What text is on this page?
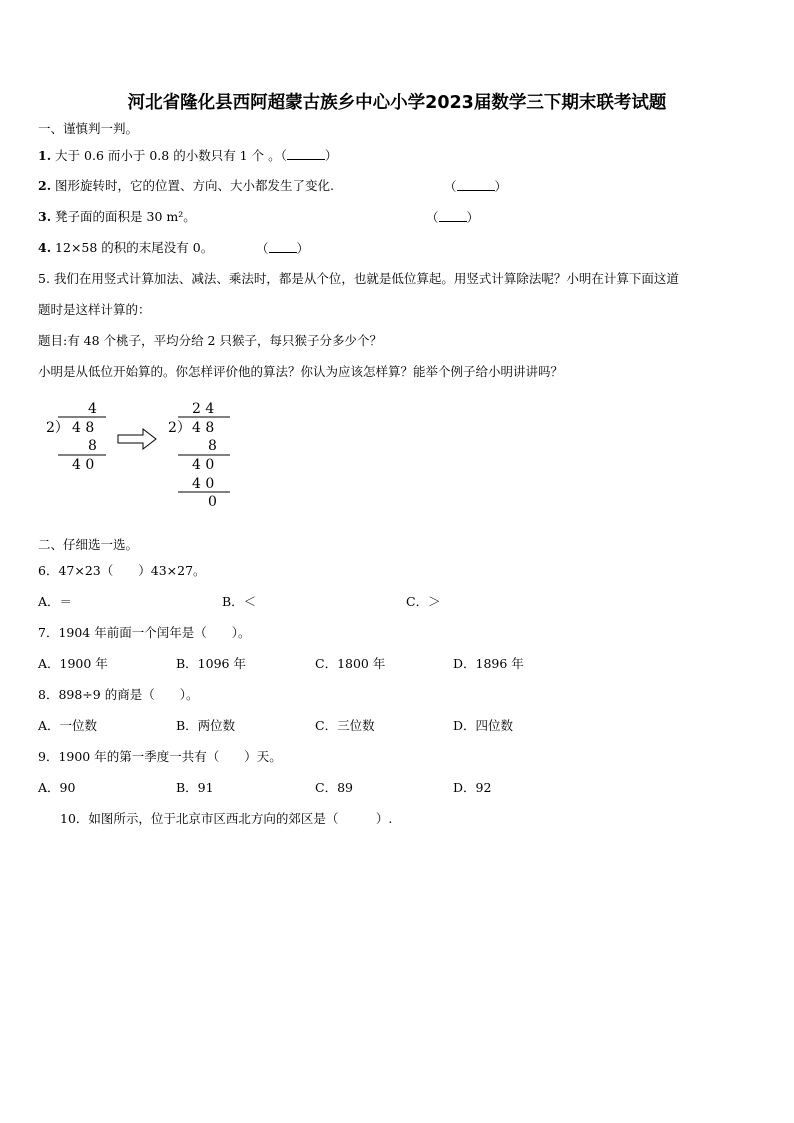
河北省隆化县西阿超蒙古族乡中心小学2023届数学三下期末联考试题
一、谨慎判一判。
1. 大于 0.6 而小于 0.8 的小数只有 1 个 。（	）
2. 图形旋转时，它的位置、方向、大小都发生了变化.	（	）
3. 凳子面的面积是 30 m²。	（ ）
4. 12×58 的积的末尾没有 0。	（ ）
5. 我们在用竖式计算加法、减法、乘法时，都是从个位，也就是低位算起。用竖式计算除法呢？小明在计算下面这道
题时是这样计算的：
题目:有 48 个桃子，平均分给 2 只猴子，每只猴子分多少个？
小明是从低位开始算的。你怎样评价他的算法？你认为应该怎样算？能举个例子给小明讲讲吗？
4
2） 4 8
8
4 0
2 4
2） 4 8
8
4 0
4 0
0
二、仔细选一选。
6．47×23（　　）43×27。
A．＝	B．＜	C．＞
7．1904 年前面一个闰年是（　　）。
A．1900 年	B．1096 年	C．1800 年	D．1896 年
8．898÷9 的商是（　　）。
A．一位数	B．两位数	C．三位数	D．四位数
9．1900 年的第一季度一共有（　　）天。
A．90	B．91	C．89	D．92
10．如图所示，位于北京市区西北方向的郊区是（　　　）.
